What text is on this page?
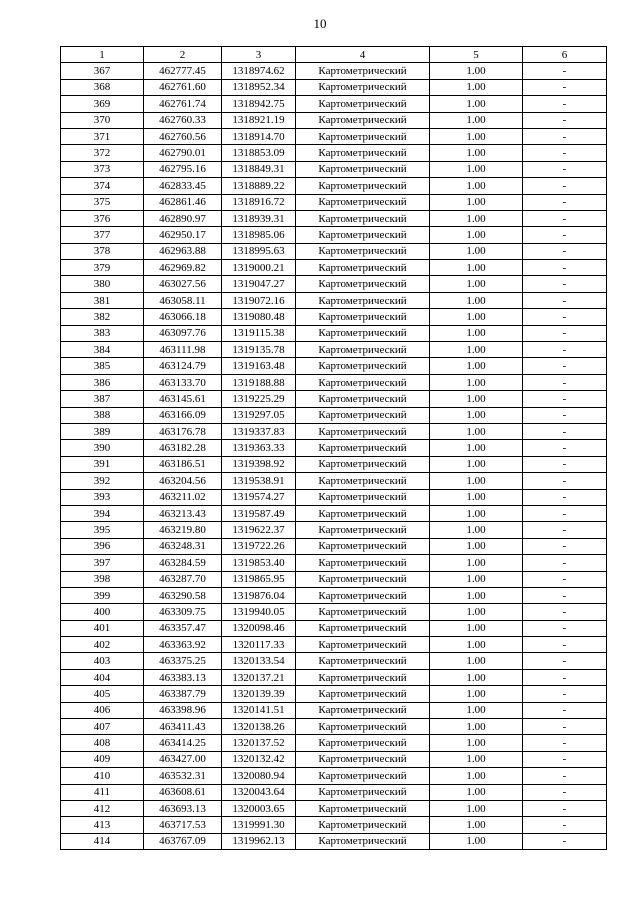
10
1	2	3	4	5	6
367	462777.45	1318974.62	Картометрический	1.00	-
368	462761.60	1318952.34	Картометрический	1.00	-
369	462761.74	1318942.75	Картометрический	1.00	-
370	462760.33	1318921.19	Картометрический	1.00	-
371	462760.56	1318914.70	Картометрический	1.00	-
372	462790.01	1318853.09	Картометрический	1.00	-
373	462795.16	1318849.31	Картометрический	1.00	-
374	462833.45	1318889.22	Картометрический	1.00	-
375	462861.46	1318916.72	Картометрический	1.00	-
376	462890.97	1318939.31	Картометрический	1.00	-
377	462950.17	1318985.06	Картометрический	1.00	-
378	462963.88	1318995.63	Картометрический	1.00	-
379	462969.82	1319000.21	Картометрический	1.00	-
380	463027.56	1319047.27	Картометрический	1.00	-
381	463058.11	1319072.16	Картометрический	1.00	-
382	463066.18	1319080.48	Картометрический	1.00	-
383	463097.76	1319115.38	Картометрический	1.00	-
384	463111.98	1319135.78	Картометрический	1.00	-
385	463124.79	1319163.48	Картометрический	1.00	-
386	463133.70	1319188.88	Картометрический	1.00	-
387	463145.61	1319225.29	Картометрический	1.00	-
388	463166.09	1319297.05	Картометрический	1.00	-
389	463176.78	1319337.83	Картометрический	1.00	-
390	463182.28	1319363.33	Картометрический	1.00	-
391	463186.51	1319398.92	Картометрический	1.00	-
392	463204.56	1319538.91	Картометрический	1.00	-
393	463211.02	1319574.27	Картометрический	1.00	-
394	463213.43	1319587.49	Картометрический	1.00	-
395	463219.80	1319622.37	Картометрический	1.00	-
396	463248.31	1319722.26	Картометрический	1.00	-
397	463284.59	1319853.40	Картометрический	1.00	-
398	463287.70	1319865.95	Картометрический	1.00	-
399	463290.58	1319876.04	Картометрический	1.00	-
400	463309.75	1319940.05	Картометрический	1.00	-
401	463357.47	1320098.46	Картометрический	1.00	-
402	463363.92	1320117.33	Картометрический	1.00	-
403	463375.25	1320133.54	Картометрический	1.00	-
404	463383.13	1320137.21	Картометрический	1.00	-
405	463387.79	1320139.39	Картометрический	1.00	-
406	463398.96	1320141.51	Картометрический	1.00	-
407	463411.43	1320138.26	Картометрический	1.00	-
408	463414.25	1320137.52	Картометрический	1.00	-
409	463427.00	1320132.42	Картометрический	1.00	-
410	463532.31	1320080.94	Картометрический	1.00	-
411	463608.61	1320043.64	Картометрический	1.00	-
412	463693.13	1320003.65	Картометрический	1.00	-
413	463717.53	1319991.30	Картометрический	1.00	-
414	463767.09	1319962.13	Картометрический	1.00	-
